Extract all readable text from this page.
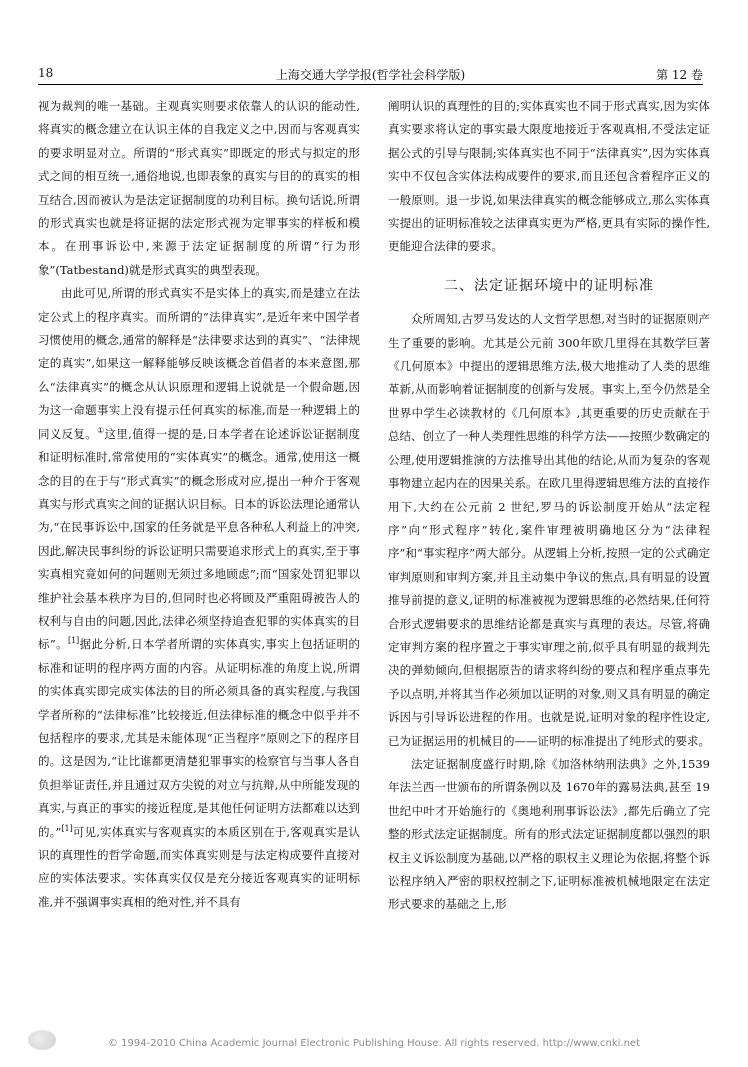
18	上海交通大学学报(哲学社会科学版)	第 12 卷

视为裁判的唯一基础。主观真实则要求依靠人的认识的能动性,将真实的概念建立在认识主体的自我定义之中,因而与客观真实的要求明显对立。所谓的“形式真实”即既定的形式与拟定的形式之间的相互统一,通俗地说,也即表象的真实与目的的真实的相互结合,因而被认为是法定证据制度的功利目标。换句话说,所谓的形式真实也就是将证据的法定形式视为定罪事实的样板和模本。在刑事诉讼中,来源于法定证据制度的所谓“行为形象”(Tatbestand)就是形式真实的典型表现。

由此可见,所谓的形式真实不是实体上的真实,而是建立在法定公式上的程序真实。而所谓的“法律真实”,是近年来中国学者习惯使用的概念,通常的解释是“法律要求达到的真实”、“法律规定的真实”,如果这一解释能够反映该概念首倡者的本来意图,那么“法律真实”的概念从认识原理和逻辑上说就是一个假命题,因为这一命题事实上没有提示任何真实的标准,而是一种逻辑上的同义反复。①这里,值得一提的是,日本学者在论述诉讼证据制度和证明标准时,常常使用的“实体真实”的概念。通常,使用这一概念的目的在于与“形式真实”的概念形成对应,提出一种介于客观真实与形式真实之间的证据认识目标。日本的诉讼法理论通常认为,“在民事诉讼中,国家的任务就是平息各种私人利益上的冲突,因此,解决民事纠纷的诉讼证明只需要追求形式上的真实,至于事实真相究竟如何的问题则无须过多地顾虑”;而“国家处罚犯罪以维护社会基本秩序为目的,但同时也必将顾及严重阻碍被告人的权利与自由的问题,因此,法律必须坚持追查犯罪的实体真实的目标”。[1]据此分析,日本学者所谓的实体真实,事实上包括证明的标准和证明的程序两方面的内容。从证明标准的角度上说,所谓的实体真实即完成实体法的目的所必须具备的真实程度,与我国学者所称的“法律标准”比较接近,但法律标准的概念中似乎并不包括程序的要求,尤其是未能体现“正当程序”原则之下的程序目的。这是因为,“让比谁都更清楚犯罪事实的检察官与当事人各自负担举证责任,并且通过双方尖锐的对立与抗辩,从中所能发现的真实,与真正的事实的接近程度,是其他任何证明方法都难以达到的。”[1]可见,实体真实与客观真实的本质区别在于,客观真实是认识的真理性的哲学命题,而实体真实则是与法定构成要件直接对应的实体法要求。实体真实仅仅是充分接近客观真实的证明标准,并不强调事实真相的绝对性,并不具有

阐明认识的真理性的目的;实体真实也不同于形式真实,因为实体真实要求将认定的事实最大限度地接近于客观真相,不受法定证据公式的引导与限制;实体真实也不同于“法律真实”,因为实体真实中不仅包含实体法构成要件的要求,而且还包含着程序正义的一般原则。退一步说,如果法律真实的概念能够成立,那么实体真实提出的证明标准较之法律真实更为严格,更具有实际的操作性,更能迎合法律的要求。

二、法定证据环境中的证明标准

众所周知,古罗马发达的人文哲学思想,对当时的证据原则产生了重要的影响。尤其是公元前 300年欧几里得在其数学巨著《几何原本》中提出的逻辑思维方法,极大地推动了人类的思维革新,从而影响着证据制度的创新与发展。事实上,至今仍然是全世界中学生必读教材的《几何原本》,其更重要的历史贡献在于总结、创立了一种人类理性思维的科学方法——按照少数确定的公理,使用逻辑推演的方法推导出其他的结论,从而为复杂的客观事物建立起内在的因果关系。在欧几里得逻辑思维方法的直接作用下,大约在公元前 2 世纪,罗马的诉讼制度开始从“法定程序”向“形式程序”转化,案件审理被明确地区分为“法律程序”和“事实程序”两大部分。从逻辑上分析,按照一定的公式确定审判原则和审判方案,并且主动集中争议的焦点,具有明显的设置推导前提的意义,证明的标准被视为逻辑思维的必然结果,任何符合形式逻辑要求的思维结论都是真实与真理的表达。尽管,将确定审判方案的程序置之于事实审理之前,似乎具有明显的裁判先决的弹劾倾向,但根据原告的请求将纠纷的要点和程序重点事先予以点明,并将其当作必须加以证明的对象,则又具有明显的确定诉因与引导诉讼进程的作用。也就是说,证明对象的程序性设定,已为证据运用的机械目的——证明的标准提出了纯形式的要求。

法定证据制度盛行时期,除《加洛林纳刑法典》之外,1539 年法兰西一世颁布的所谓条例以及 1670年的露易法典,甚至 19 世纪中叶才开始施行的《奥地利刑事诉讼法》,都先后确立了完整的形式法定证据制度。所有的形式法定证据制度都以强烈的职权主义诉讼制度为基础,以严格的职权主义理论为依据,将整个诉讼程序纳入严密的职权控制之下,证明标准被机械地限定在法定形式要求的基础之上,形

© 1994-2010 China Academic Journal Electronic Publishing House. All rights reserved. http://www.cnki.net
